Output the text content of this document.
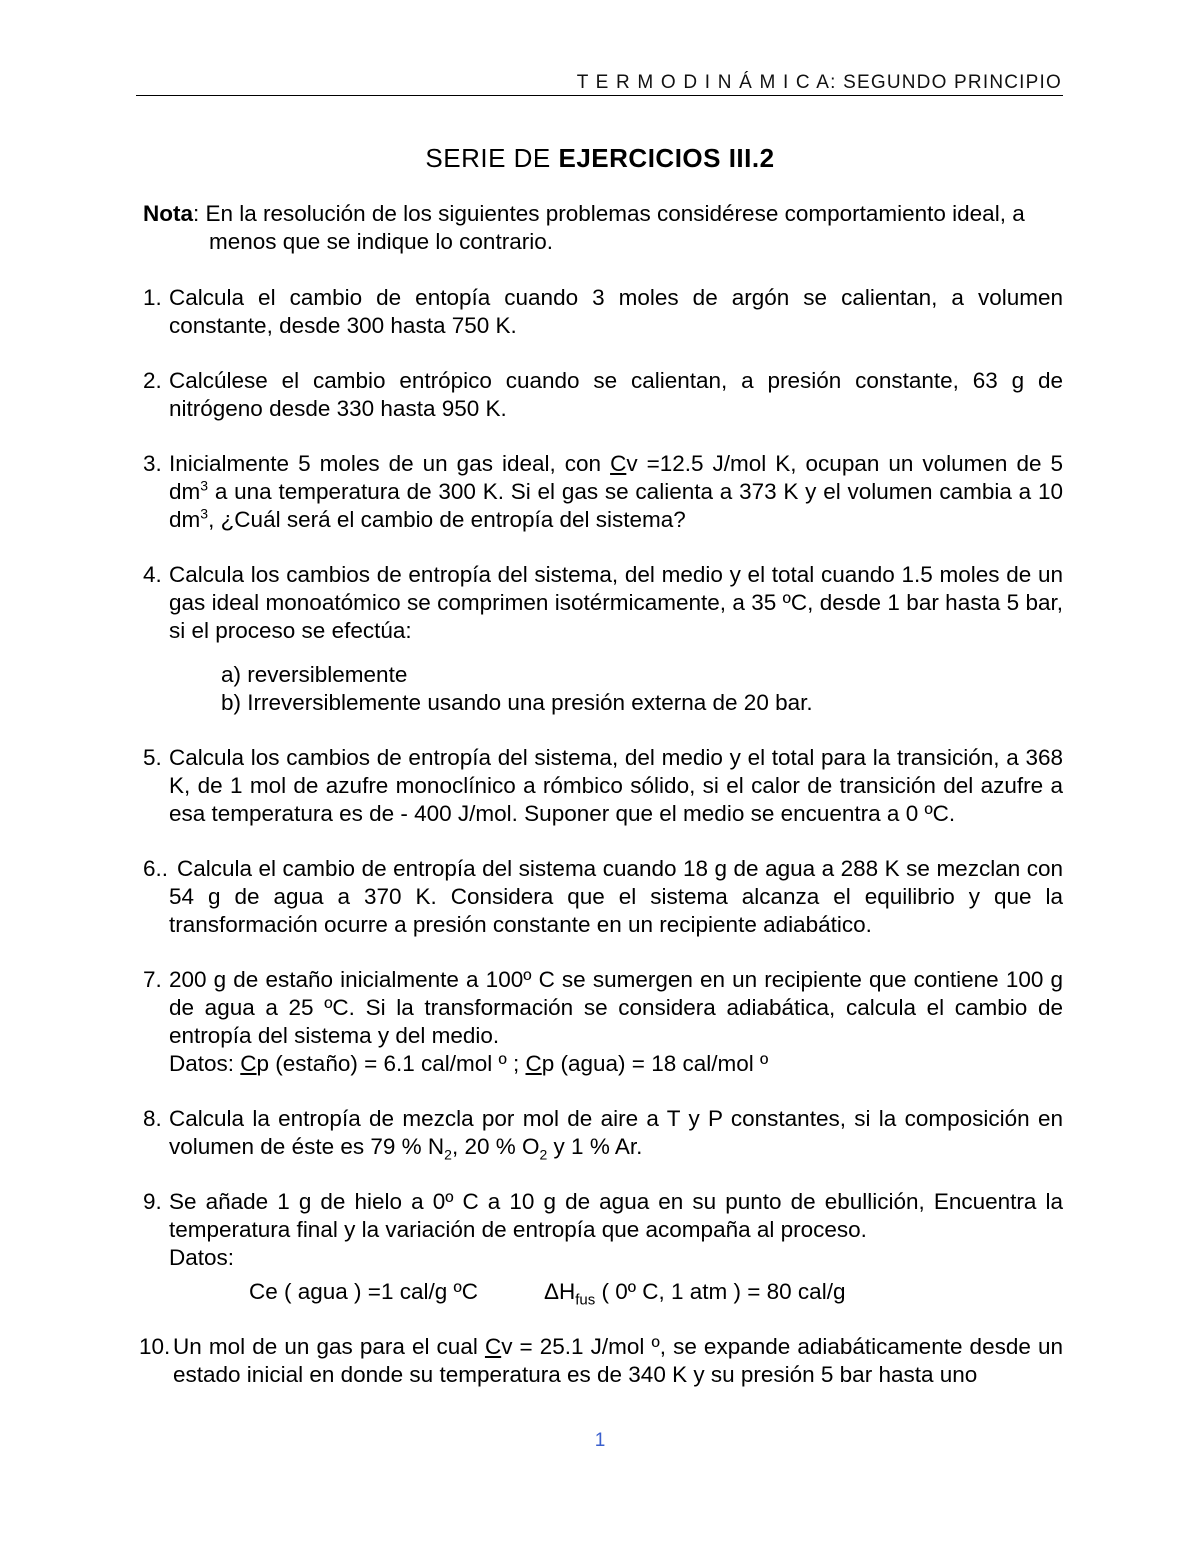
T E R M O D I N Á M I C A: SEGUNDO PRINCIPIO
SERIE DE EJERCICIOS III.2
Nota: En la resolución de los siguientes problemas considérese comportamiento ideal, a
menos que se indique lo contrario.
1. Calcula el cambio de entopía cuando 3 moles de argón se calientan, a volumen constante, desde 300 hasta 750 K.
2. Calcúlese el cambio entrópico cuando se calientan, a presión constante, 63 g de nitrógeno desde 330 hasta 950 K.
3. Inicialmente 5 moles de un gas ideal, con Cv =12.5 J/mol K, ocupan un volumen de 5 $dm^3$ a una temperatura de 300 K. Si el gas se calienta a 373 K y el volumen cambia a 10 $dm^3$, ¿Cuál será el cambio de entropía del sistema?
4. Calcula los cambios de entropía del sistema, del medio y el total cuando 1.5 moles de un gas ideal monoatómico se comprimen isotérmicamente, a 35 ºC, desde 1 bar hasta 5 bar, si el proceso se efectúa:
a) reversiblemente
b) Irreversiblemente usando una presión externa de 20 bar.
5. Calcula los cambios de entropía del sistema, del medio y el total para la transición, a 368 K, de 1 mol de azufre monoclínico a rómbico sólido, si el calor de transición del azufre a esa temperatura es de - 400 J/mol. Suponer que el medio se encuentra a 0 ºC.
6.. Calcula el cambio de entropía del sistema cuando 18 g de agua a 288 K se mezclan con 54 g de agua a 370 K. Considera que el sistema alcanza el equilibrio y que la transformación ocurre a presión constante en un recipiente adiabático.
7. 200 g de estaño inicialmente a 100º C se sumergen en un recipiente que contiene 100 g de agua a 25 ºC. Si la transformación se considera adiabática, calcula el cambio de entropía del sistema y del medio.
Datos: Cp (estaño) = 6.1 cal/mol º ; Cp (agua) = 18 cal/mol º
8. Calcula la entropía de mezcla por mol de aire a T y P constantes, si la composición en volumen de éste es 79 % $N_2$, 20 % $O_2$ y 1 % Ar.
9. Se añade 1 g de hielo a 0º C a 10 g de agua en su punto de ebullición, Encuentra la temperatura final y la variación de entropía que acompaña al proceso.
Datos:
Ce ( agua ) =1 cal/g ºC	$\Delta H_{fus}$ ( 0º C, 1 atm ) = 80 cal/g
10. Un mol de un gas para el cual Cv = 25.1 J/mol º, se expande adiabáticamente desde un estado inicial en donde su temperatura es de 340 K y su presión 5 bar hasta uno
1
